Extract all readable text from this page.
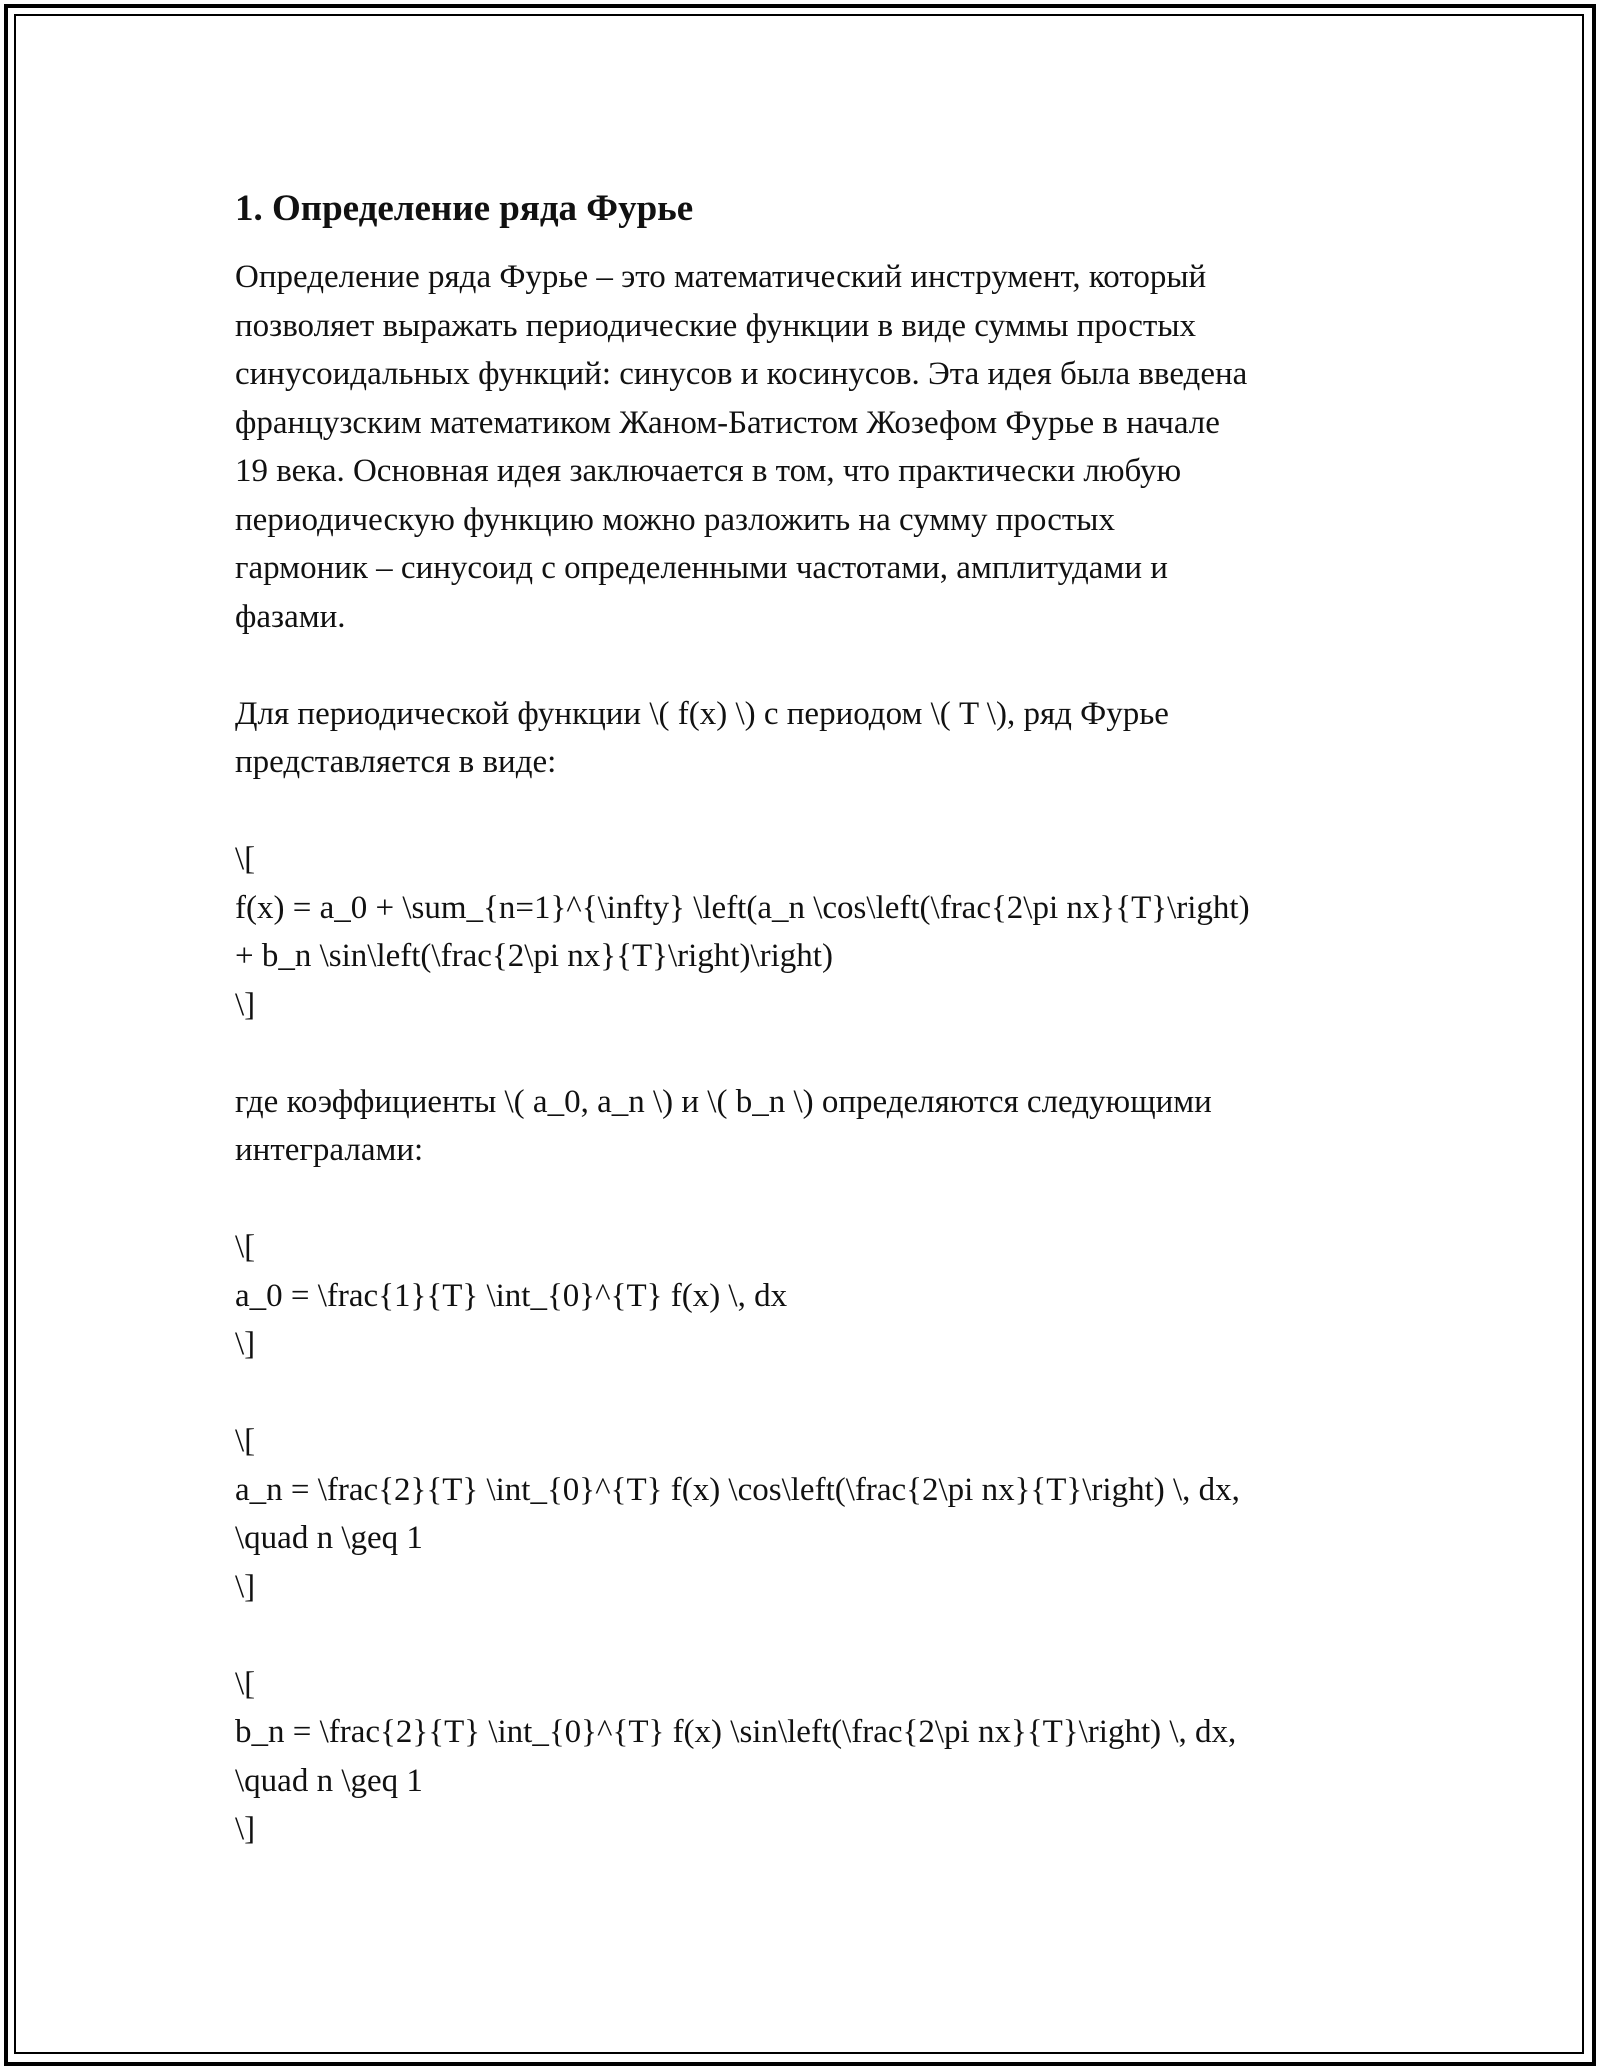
1. Определение ряда Фурье

Определение ряда Фурье – это математический инструмент, который
позволяет выражать периодические функции в виде суммы простых
синусоидальных функций: синусов и косинусов. Эта идея была введена
французским математиком Жаном-Батистом Жозефом Фурье в начале
19 века. Основная идея заключается в том, что практически любую
периодическую функцию можно разложить на сумму простых
гармоник – синусоид с определенными частотами, амплитудами и
фазами.

Для периодической функции \( f(x) \) с периодом \( T \), ряд Фурье
представляется в виде:

\[
f(x) = a_0 + \sum_{n=1}^{\infty} \left(a_n \cos\left(\frac{2\pi nx}{T}\right)
+ b_n \sin\left(\frac{2\pi nx}{T}\right)\right)
\]

где коэффициенты \( a_0, a_n \) и \( b_n \) определяются следующими
интегралами:

\[
a_0 = \frac{1}{T} \int_{0}^{T} f(x) \, dx
\]

\[
a_n = \frac{2}{T} \int_{0}^{T} f(x) \cos\left(\frac{2\pi nx}{T}\right) \, dx,
\quad n \geq 1
\]

\[
b_n = \frac{2}{T} \int_{0}^{T} f(x) \sin\left(\frac{2\pi nx}{T}\right) \, dx,
\quad n \geq 1
\]
